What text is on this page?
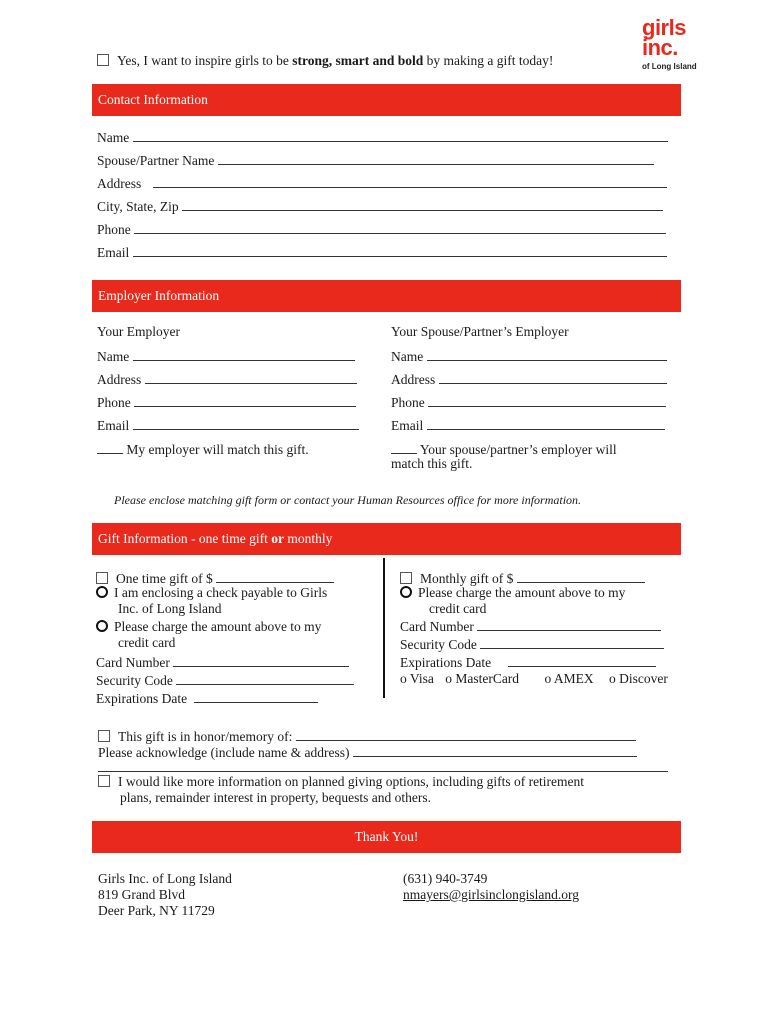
Yes, I want to inspire girls to be strong, smart and bold by making a gift today!
girls
inc.
of Long Island
Contact Information
Name
Spouse/Partner Name
Address
City, State, Zip
Phone
Email
Employer Information
Your Employer	Your Spouse/Partner’s Employer
Name
Address
Phone
Email
Name
Address
Phone
Email
My employer will match this gift.	Your spouse/partner’s employer will
match this gift.
Please enclose matching gift form or contact your Human Resources office for more information.
Gift Information - one time gift or monthly
One time gift of $
I am enclosing a check payable to Girls
Inc. of Long Island
Please charge the amount above to my
credit card
Card Number
Security Code
Expirations Date
Monthly gift of $
Please charge the amount above to my
credit card
Card Number
Security Code
Expirations Date
o Visa o MasterCard o AMEX o Discover
This gift is in honor/memory of:
Please acknowledge (include name & address)
I would like more information on planned giving options, including gifts of retirement
plans, remainder interest in property, bequests and others.
Thank You!
Girls Inc. of Long Island
819 Grand Blvd
Deer Park, NY 11729
(631) 940-3749
nmayers@girlsinclongisland.org
